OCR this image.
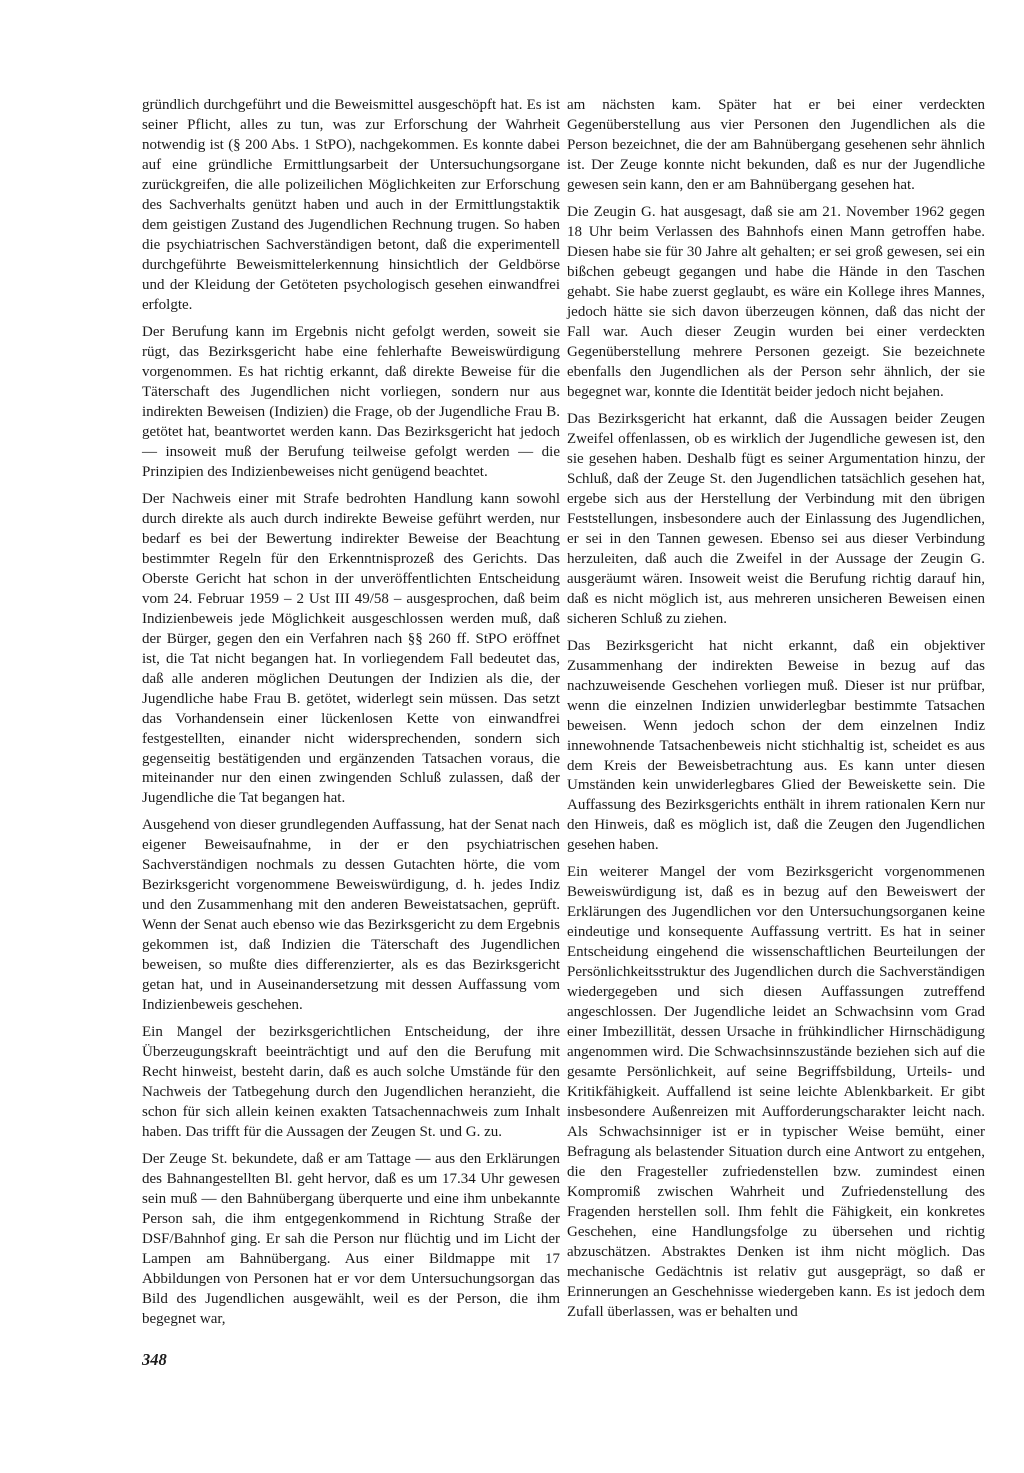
gründlich durchgeführt und die Beweismittel ausgeschöpft hat. Es ist seiner Pflicht, alles zu tun, was zur Erforschung der Wahrheit notwendig ist (§ 200 Abs. 1 StPO), nachgekommen. Es konnte dabei auf eine gründliche Ermittlungsarbeit der Untersuchungsorgane zurückgreifen, die alle polizeilichen Möglichkeiten zur Erforschung des Sachverhalts genützt haben und auch in der Ermittlungstaktik dem geistigen Zustand des Jugendlichen Rechnung trugen. So haben die psychiatrischen Sachverständigen betont, daß die experimentell durchgeführte Beweismittelerkennung hinsichtlich der Geldbörse und der Kleidung der Getöteten psychologisch gesehen einwandfrei erfolgte.

Der Berufung kann im Ergebnis nicht gefolgt werden, soweit sie rügt, das Bezirksgericht habe eine fehlerhafte Beweiswürdigung vorgenommen. Es hat richtig erkannt, daß direkte Beweise für die Täterschaft des Jugendlichen nicht vorliegen, sondern nur aus indirekten Beweisen (Indizien) die Frage, ob der Jugendliche Frau B. getötet hat, beantwortet werden kann. Das Bezirksgericht hat jedoch — insoweit muß der Berufung teilweise gefolgt werden — die Prinzipien des Indizienbeweises nicht genügend beachtet.

Der Nachweis einer mit Strafe bedrohten Handlung kann sowohl durch direkte als auch durch indirekte Beweise geführt werden, nur bedarf es bei der Bewertung indirekter Beweise der Beachtung bestimmter Regeln für den Erkenntnisprozeß des Gerichts. Das Oberste Gericht hat schon in der unveröffentlichten Entscheidung vom 24. Februar 1959 – 2 Ust III 49/58 – ausgesprochen, daß beim Indizienbeweis jede Möglichkeit ausgeschlossen werden muß, daß der Bürger, gegen den ein Verfahren nach §§ 260 ff. StPO eröffnet ist, die Tat nicht begangen hat. In vorliegendem Fall bedeutet das, daß alle anderen möglichen Deutungen der Indizien als die, der Jugendliche habe Frau B. getötet, widerlegt sein müssen. Das setzt das Vorhandensein einer lückenlosen Kette von einwandfrei festgestellten, einander nicht widersprechenden, sondern sich gegenseitig bestätigenden und ergänzenden Tatsachen voraus, die miteinander nur den einen zwingenden Schluß zulassen, daß der Jugendliche die Tat begangen hat.

Ausgehend von dieser grundlegenden Auffassung, hat der Senat nach eigener Beweisaufnahme, in der er den psychiatrischen Sachverständigen nochmals zu dessen Gutachten hörte, die vom Bezirksgericht vorgenommene Beweiswürdigung, d. h. jedes Indiz und den Zusammenhang mit den anderen Beweistatsachen, geprüft. Wenn der Senat auch ebenso wie das Bezirksgericht zu dem Ergebnis gekommen ist, daß Indizien die Täterschaft des Jugendlichen beweisen, so mußte dies differenzierter, als es das Bezirksgericht getan hat, und in Auseinandersetzung mit dessen Auffassung vom Indizienbeweis geschehen.

Ein Mangel der bezirksgerichtlichen Entscheidung, der ihre Überzeugungskraft beeinträchtigt und auf den die Berufung mit Recht hinweist, besteht darin, daß es auch solche Umstände für den Nachweis der Tatbegehung durch den Jugendlichen heranzieht, die schon für sich allein keinen exakten Tatsachennachweis zum Inhalt haben. Das trifft für die Aussagen der Zeugen St. und G. zu.

Der Zeuge St. bekundete, daß er am Tattage — aus den Erklärungen des Bahnangestellten Bl. geht hervor, daß es um 17.34 Uhr gewesen sein muß — den Bahnübergang überquerte und eine ihm unbekannte Person sah, die ihm entgegenkommend in Richtung Straße der DSF/Bahnhof ging. Er sah die Person nur flüchtig und im Licht der Lampen am Bahnübergang. Aus einer Bildmappe mit 17 Abbildungen von Personen hat er vor dem Untersuchungsorgan das Bild des Jugendlichen ausgewählt, weil es der Person, die ihm begegnet war,

am nächsten kam. Später hat er bei einer verdeckten Gegenüberstellung aus vier Personen den Jugendlichen als die Person bezeichnet, die der am Bahnübergang gesehenen sehr ähnlich ist. Der Zeuge konnte nicht bekunden, daß es nur der Jugendliche gewesen sein kann, den er am Bahnübergang gesehen hat.

Die Zeugin G. hat ausgesagt, daß sie am 21. November 1962 gegen 18 Uhr beim Verlassen des Bahnhofs einen Mann getroffen habe. Diesen habe sie für 30 Jahre alt gehalten; er sei groß gewesen, sei ein bißchen gebeugt gegangen und habe die Hände in den Taschen gehabt. Sie habe zuerst geglaubt, es wäre ein Kollege ihres Mannes, jedoch hätte sie sich davon überzeugen können, daß das nicht der Fall war. Auch dieser Zeugin wurden bei einer verdeckten Gegenüberstellung mehrere Personen gezeigt. Sie bezeichnete ebenfalls den Jugendlichen als der Person sehr ähnlich, der sie begegnet war, konnte die Identität beider jedoch nicht bejahen.

Das Bezirksgericht hat erkannt, daß die Aussagen beider Zeugen Zweifel offenlassen, ob es wirklich der Jugendliche gewesen ist, den sie gesehen haben. Deshalb fügt es seiner Argumentation hinzu, der Schluß, daß der Zeuge St. den Jugendlichen tatsächlich gesehen hat, ergebe sich aus der Herstellung der Verbindung mit den übrigen Feststellungen, insbesondere auch der Einlassung des Jugendlichen, er sei in den Tannen gewesen. Ebenso sei aus dieser Verbindung herzuleiten, daß auch die Zweifel in der Aussage der Zeugin G. ausgeräumt wären. Insoweit weist die Berufung richtig darauf hin, daß es nicht möglich ist, aus mehreren unsicheren Beweisen einen sicheren Schluß zu ziehen.

Das Bezirksgericht hat nicht erkannt, daß ein objektiver Zusammenhang der indirekten Beweise in bezug auf das nachzuweisende Geschehen vorliegen muß. Dieser ist nur prüfbar, wenn die einzelnen Indizien unwiderlegbar bestimmte Tatsachen beweisen. Wenn jedoch schon der dem einzelnen Indiz innewohnende Tatsachenbeweis nicht stichhaltig ist, scheidet es aus dem Kreis der Beweisbetrachtung aus. Es kann unter diesen Umständen kein unwiderlegbares Glied der Beweiskette sein. Die Auffassung des Bezirksgerichts enthält in ihrem rationalen Kern nur den Hinweis, daß es möglich ist, daß die Zeugen den Jugendlichen gesehen haben.

Ein weiterer Mangel der vom Bezirksgericht vorgenommenen Beweiswürdigung ist, daß es in bezug auf den Beweiswert der Erklärungen des Jugendlichen vor den Untersuchungsorganen keine eindeutige und konsequente Auffassung vertritt. Es hat in seiner Entscheidung eingehend die wissenschaftlichen Beurteilungen der Persönlichkeitsstruktur des Jugendlichen durch die Sachverständigen wiedergegeben und sich diesen Auffassungen zutreffend angeschlossen. Der Jugendliche leidet an Schwachsinn vom Grad einer Imbezillität, dessen Ursache in frühkindlicher Hirnschädigung angenommen wird. Die Schwachsinnszustände beziehen sich auf die gesamte Persönlichkeit, auf seine Begriffsbildung, Urteils- und Kritikfähigkeit. Auffallend ist seine leichte Ablenkbarkeit. Er gibt insbesondere Außenreizen mit Aufforderungscharakter leicht nach. Als Schwachsinniger ist er in typischer Weise bemüht, einer Befragung als belastender Situation durch eine Antwort zu entgehen, die den Fragesteller zufriedenstellen bzw. zumindest einen Kompromiß zwischen Wahrheit und Zufriedenstellung des Fragenden herstellen soll. Ihm fehlt die Fähigkeit, ein konkretes Geschehen, eine Handlungsfolge zu übersehen und richtig abzuschätzen. Abstraktes Denken ist ihm nicht möglich. Das mechanische Gedächtnis ist relativ gut ausgeprägt, so daß er Erinnerungen an Geschehnisse wiedergeben kann. Es ist jedoch dem Zufall überlassen, was er behalten und

348
